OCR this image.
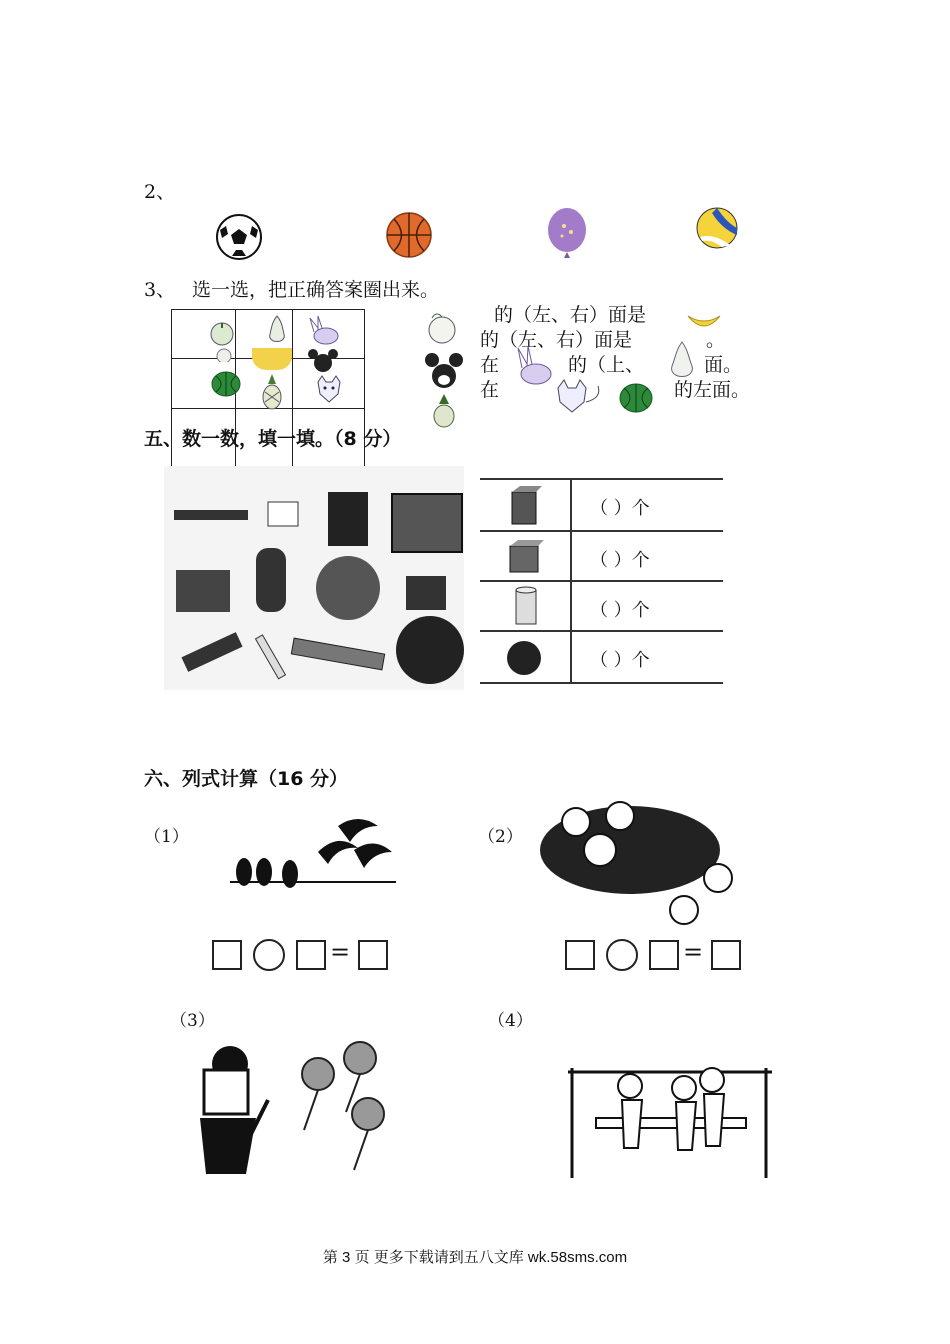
2、
3、 选一选，把正确答案圈出来。
的（左、右）面是
的（左、右）面是	。
在	的（上、	面。
在	的左面。
五、数一数，填一填。（8 分）
（ ）个
（ ）个
（ ）个
（ ）个
六、列式计算（16 分）
（1）
=
（2）
=
（3）	（4）
第 3 页 更多下载请到五八文库 wk.58sms.com
